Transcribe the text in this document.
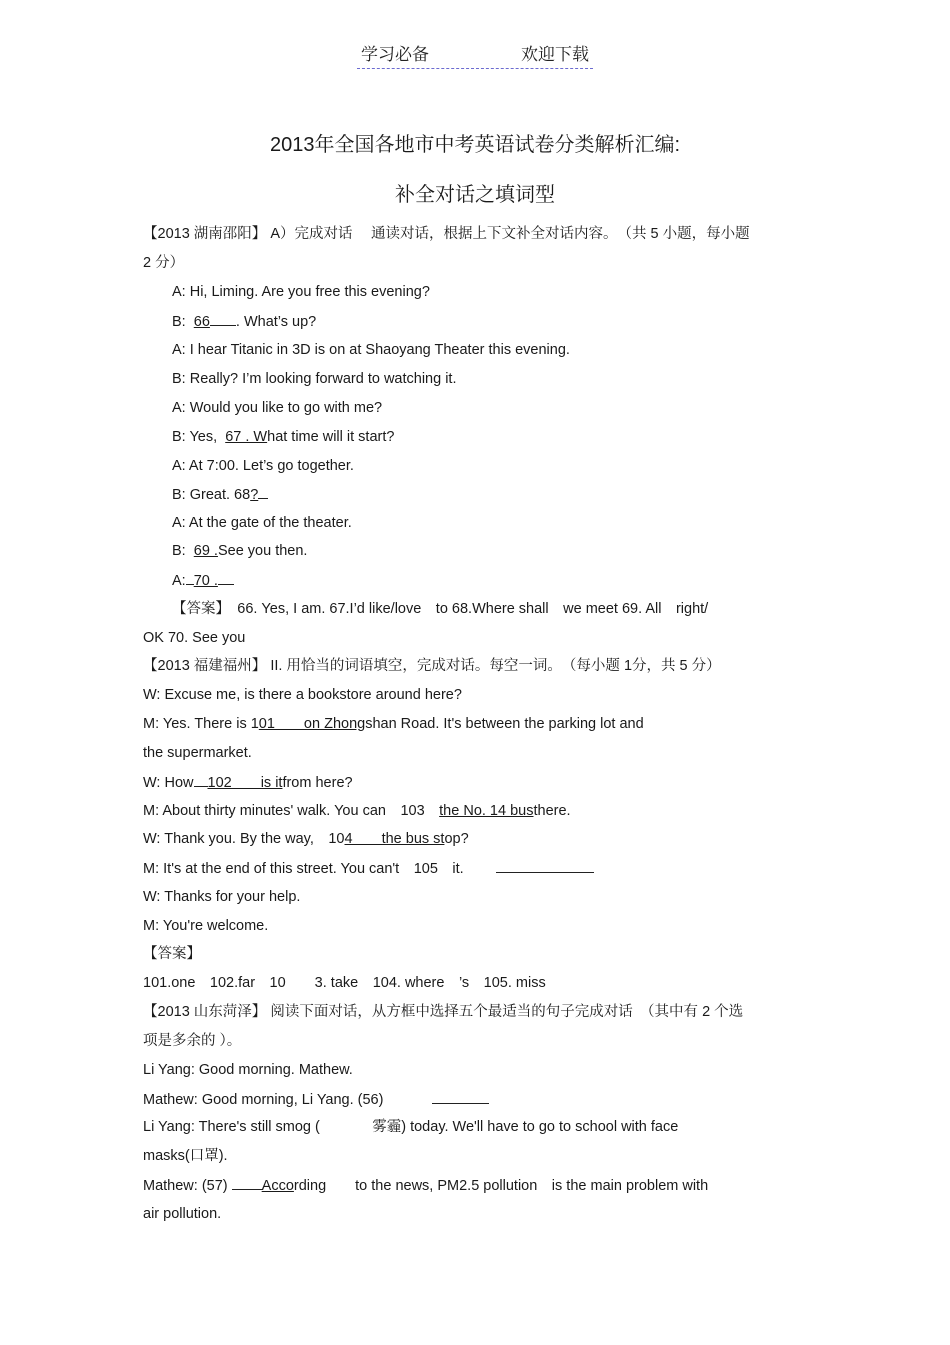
学习必备	欢迎下载
2013年全国各地市中考英语试卷分类解析汇编:
补全对话之填词型
【2013 湖南邵阳】 A）完成对话　 通读对话，根据上下文补全对话内容。　（共 5 小题，每小题
2 分）
A: Hi, Liming. Are you free this evening?
B: 66 . What’s up?
A: I hear Titanic in 3D is on at Shaoyang Theater this evening.
B: Really? I’m looking forward to watching it.
A: Would you like to go with me?
B: Yes, 67 . What time will it start?
A: At 7:00. Let’s go together.
B: Great. 68?
A: At the gate of the theater.
B: 69 .See you then.
A: 70 .
【答案】　66. Yes, I am. 67.I’d like/love　to 68.Where shall　we meet 69. All　right/
OK 70. See you
【2013 福建福州】 II. 用恰当的词语填空，完成对话。每空一词。　（每小题 1分，共 5 分）
W: Excuse me, is there a bookstore around here?
M: Yes. There is 101　　on Zhongshan Road. It's between the parking lot and
the supermarket.
W: How 102　　is itfrom here?
M: About thirty minutes' walk. You can　103　the No. 14 busthere.
W: Thank you. By the way,　104　　the bus stop?
M: It's at the end of this street. You can't　105　it.
W: Thanks for your help.
M: You're welcome.
【答案】
101.one　102.far　10　　3. take　104. where　’s　105. miss
【2013 山东菏泽】 阅读下面对话，从方框中选择五个最适当的句子完成对话　（其中有 2 个选
项是多余的 ）。
Li Yang: Good morning. Mathew.
Mathew: Good morning, Li Yang. (56)
Li Yang: There's still smog (	雾霾) today. We'll have to go to school with face
masks(口罩).
Mathew: (57) According　　to the news, PM2.5 pollution　is the main problem with
air pollution.
